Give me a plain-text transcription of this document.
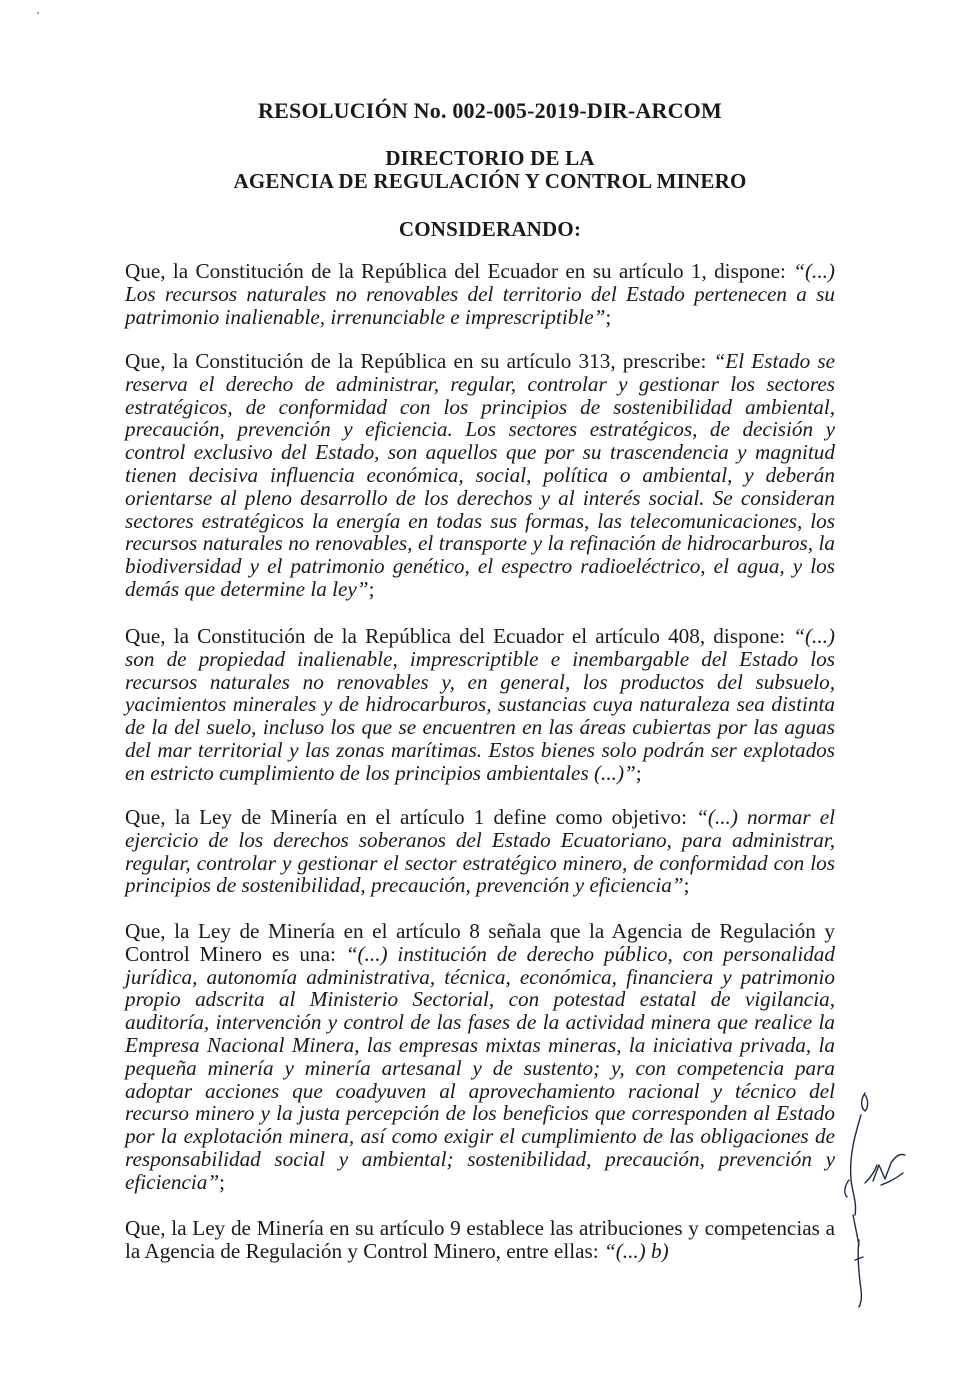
RESOLUCIÓN No. 002-005-2019-DIR-ARCOM
DIRECTORIO DE LA
AGENCIA DE REGULACIÓN Y CONTROL MINERO
CONSIDERANDO:

Que, la Constitución de la República del Ecuador en su artículo 1, dispone: “(...) Los recursos naturales no renovables del territorio del Estado pertenecen a su patrimonio inalienable, irrenunciable e imprescriptible”;

Que, la Constitución de la República en su artículo 313, prescribe: “El Estado se reserva el derecho de administrar, regular, controlar y gestionar los sectores estratégicos, de conformidad con los principios de sostenibilidad ambiental, precaución, prevención y eficiencia. Los sectores estratégicos, de decisión y control exclusivo del Estado, son aquellos que por su trascendencia y magnitud tienen decisiva influencia económica, social, política o ambiental, y deberán orientarse al pleno desarrollo de los derechos y al interés social. Se consideran sectores estratégicos la energía en todas sus formas, las telecomunicaciones, los recursos naturales no renovables, el transporte y la refinación de hidrocarburos, la biodiversidad y el patrimonio genético, el espectro radioeléctrico, el agua, y los demás que determine la ley”;

Que, la Constitución de la República del Ecuador el artículo 408, dispone: “(...) son de propiedad inalienable, imprescriptible e inembargable del Estado los recursos naturales no renovables y, en general, los productos del subsuelo, yacimientos minerales y de hidrocarburos, sustancias cuya naturaleza sea distinta de la del suelo, incluso los que se encuentren en las áreas cubiertas por las aguas del mar territorial y las zonas marítimas. Estos bienes solo podrán ser explotados en estricto cumplimiento de los principios ambientales (...)”;

Que, la Ley de Minería en el artículo 1 define como objetivo: “(...) normar el ejercicio de los derechos soberanos del Estado Ecuatoriano, para administrar, regular, controlar y gestionar el sector estratégico minero, de conformidad con los principios de sostenibilidad, precaución, prevención y eficiencia”;

Que, la Ley de Minería en el artículo 8 señala que la Agencia de Regulación y Control Minero es una: “(...) institución de derecho público, con personalidad jurídica, autonomía administrativa, técnica, económica, financiera y patrimonio propio adscrita al Ministerio Sectorial, con potestad estatal de vigilancia, auditoría, intervención y control de las fases de la actividad minera que realice la Empresa Nacional Minera, las empresas mixtas mineras, la iniciativa privada, la pequeña minería y minería artesanal y de sustento; y, con competencia para adoptar acciones que coadyuven al aprovechamiento racional y técnico del recurso minero y la justa percepción de los beneficios que corresponden al Estado por la explotación minera, así como exigir el cumplimiento de las obligaciones de responsabilidad social y ambiental; sostenibilidad, precaución, prevención y eficiencia”;

Que, la Ley de Minería en su artículo 9 establece las atribuciones y competencias a la Agencia de Regulación y Control Minero, entre ellas: “(...) b)
